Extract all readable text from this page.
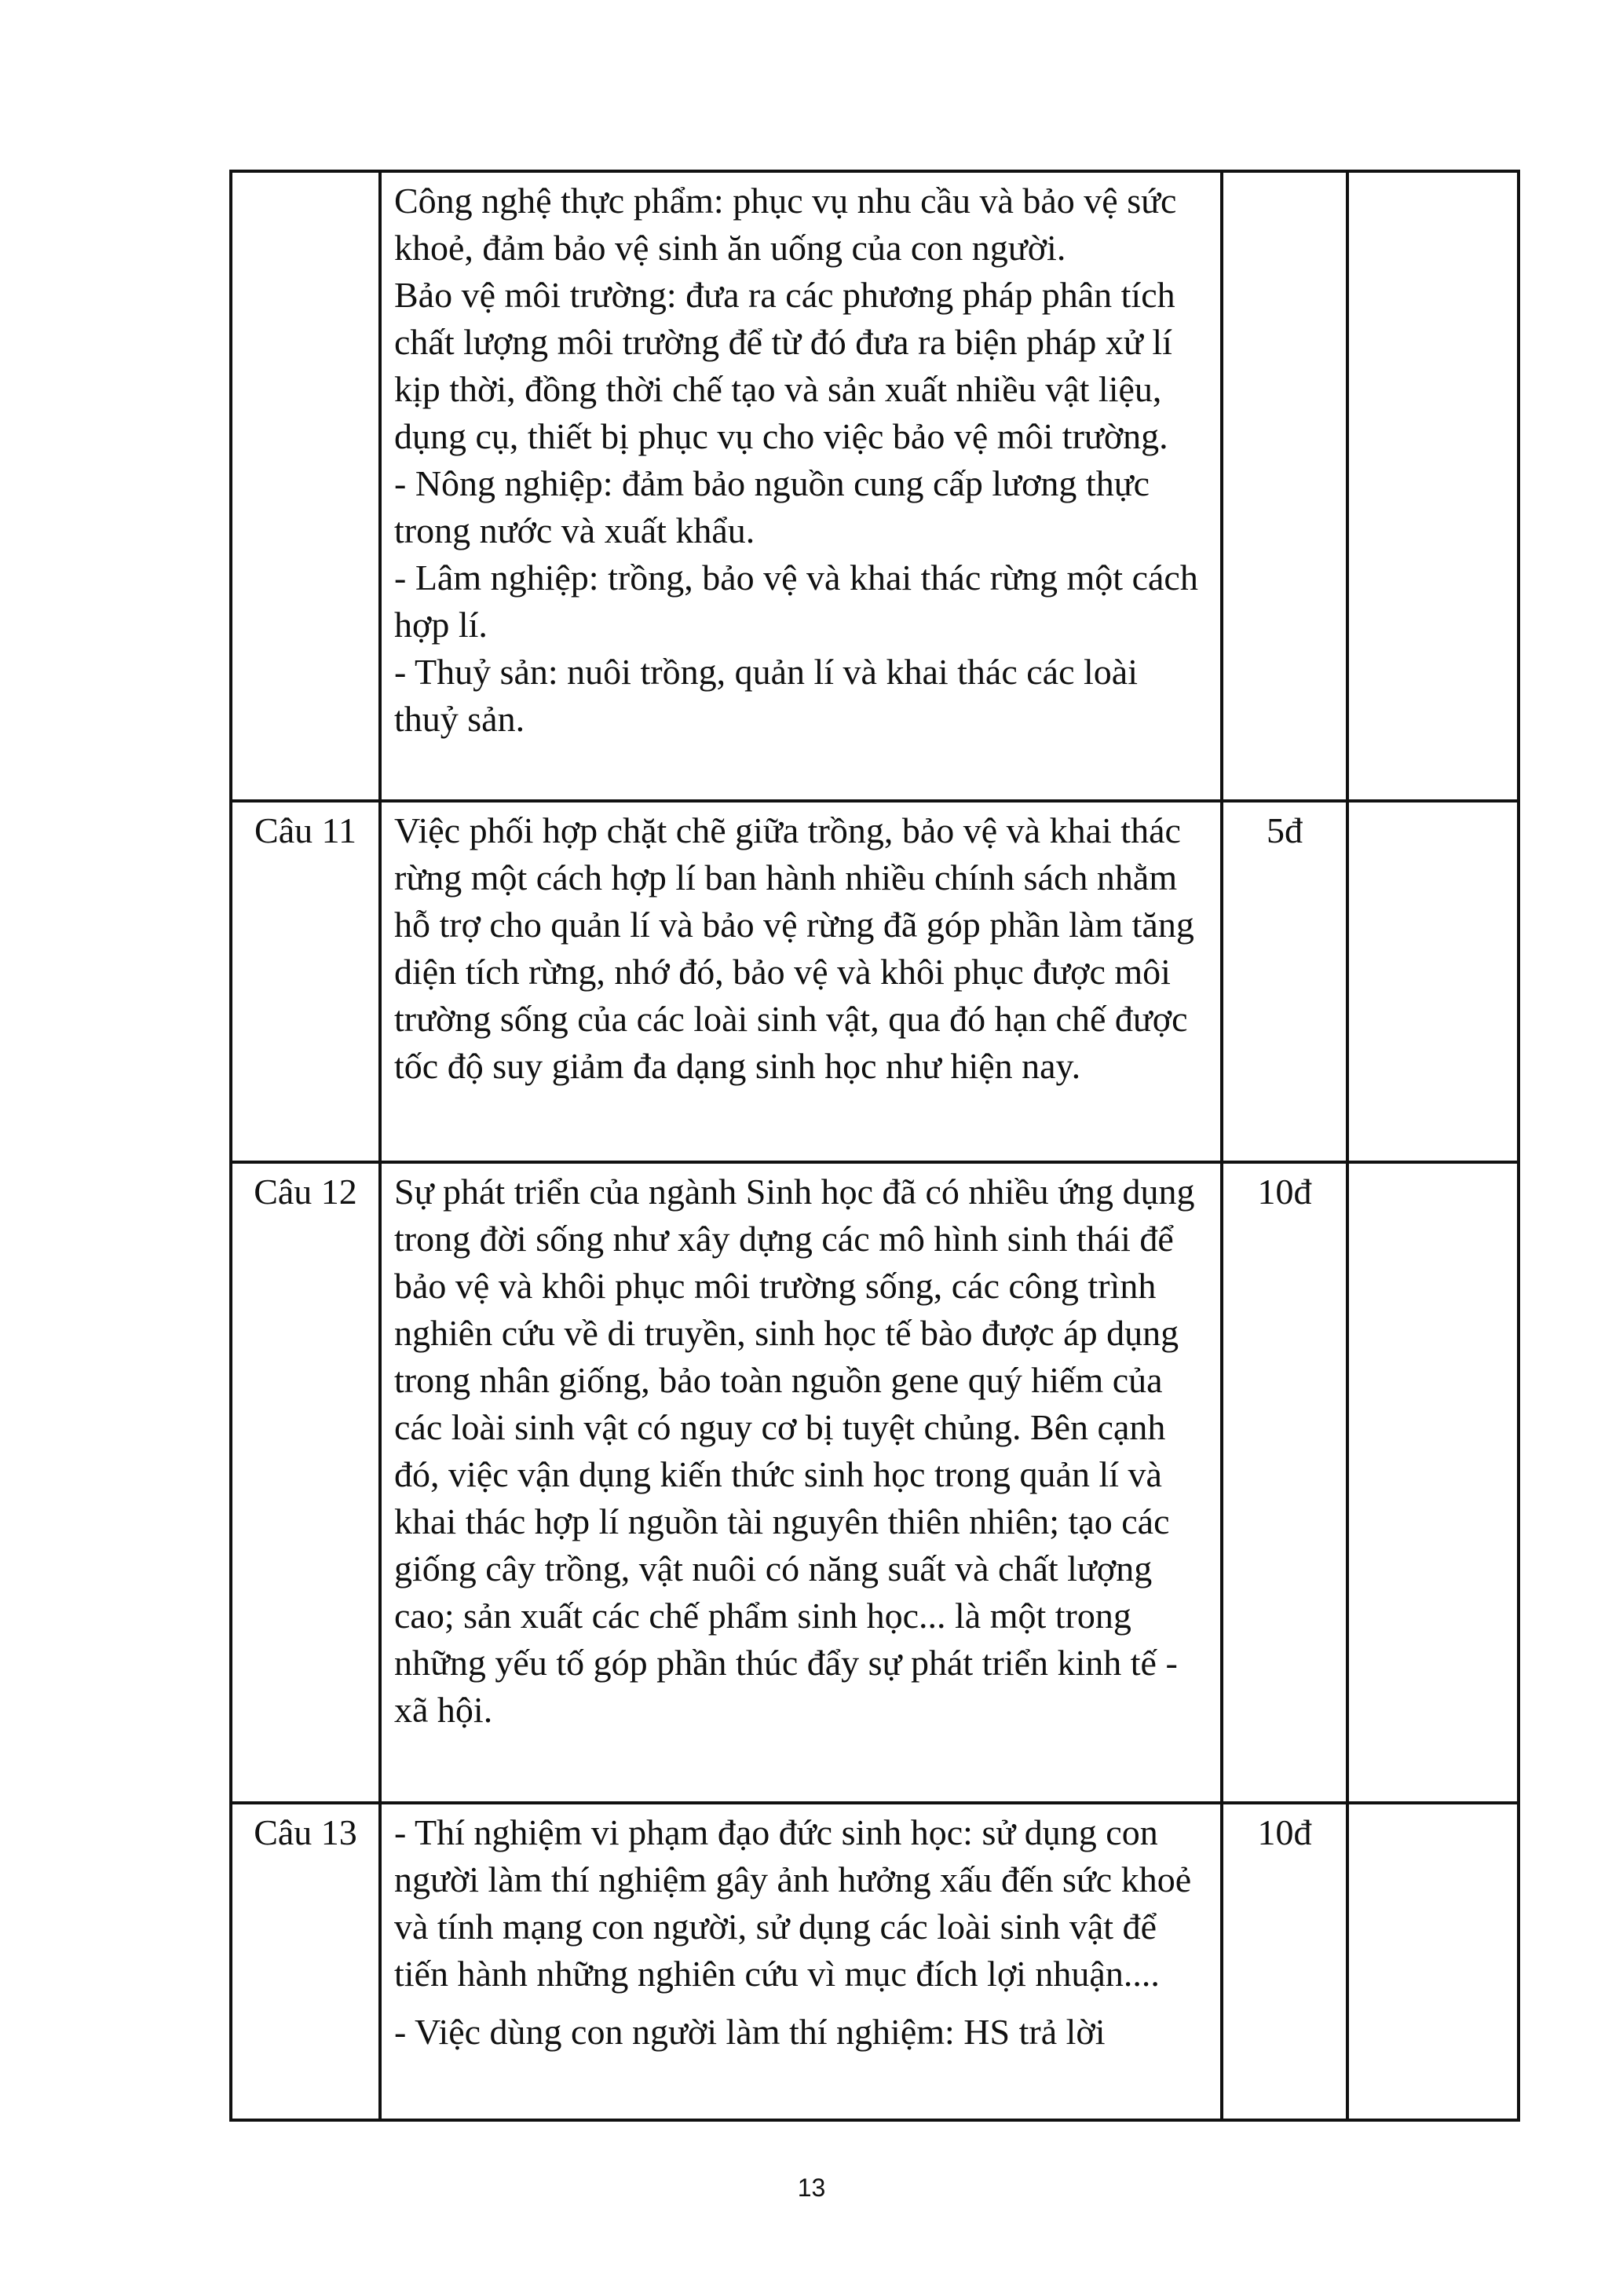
	Công nghệ thực phẩm: phục vụ nhu cầu và bảo vệ sức khoẻ, đảm bảo vệ sinh ăn uống của con người.

Bảo vệ môi trường: đưa ra các phương pháp phân tích chất lượng môi trường để từ đó đưa ra biện pháp xử lí kịp thời, đồng thời chế tạo và sản xuất nhiều vật liệu, dụng cụ, thiết bị phục vụ cho việc bảo vệ môi trường.

- Nông nghiệp: đảm bảo nguồn cung cấp lương thực trong nước và xuất khẩu.

- Lâm nghiệp: trồng, bảo vệ và khai thác rừng một cách hợp lí.

- Thuỷ sản: nuôi trồng, quản lí và khai thác các loài thuỷ sản.		

Câu 11	Việc phối hợp chặt chẽ giữa trồng, bảo vệ và khai thác rừng một cách hợp lí ban hành nhiều chính sách nhằm hỗ trợ cho quản lí và bảo vệ rừng đã góp phần làm tăng diện tích rừng, nhớ đó, bảo vệ và khôi phục được môi trường sống của các loài sinh vật, qua đó hạn chế được tốc độ suy giảm đa dạng sinh học như hiện nay.	5đ	
Câu 12	Sự phát triển của ngành Sinh học đã có nhiều ứng dụng trong đời sống như xây dựng các mô hình sinh thái để bảo vệ và khôi phục môi trường sống, các công trình nghiên cứu về di truyền, sinh học tế bào được áp dụng trong nhân giống, bảo toàn nguồn gene quý hiếm của các loài sinh vật có nguy cơ bị tuyệt chủng. Bên cạnh đó, việc vận dụng kiến thức sinh học trong quản lí và khai thác hợp lí nguồn tài nguyên thiên nhiên; tạo các giống cây trồng, vật nuôi có năng suất và chất lượng cao; sản xuất các chế phẩm sinh học... là một trong những yếu tố góp phần thúc đẩy sự phát triển kinh tế - xã hội.	10đ	
Câu 13	- Thí nghiệm vi phạm đạo đức sinh học: sử dụng con người làm thí nghiệm gây ảnh hưởng xấu đến sức khoẻ và tính mạng con người, sử dụng các loài sinh vật để tiến hành những nghiên cứu vì mục đích lợi nhuận....

- Việc dùng con người làm thí nghiệm: HS trả lời	10đ	
13
